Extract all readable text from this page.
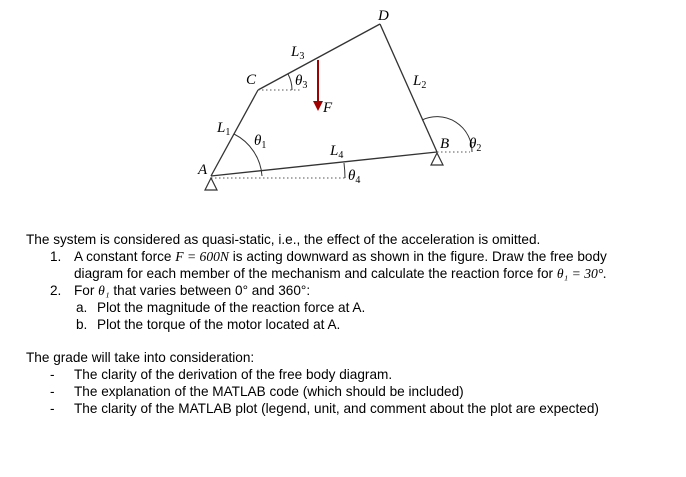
D
$L_3$
$\theta_3$
C	$L_2$
F
$L_1$
$\theta_1$	$L_4$
B $\theta_2$
A	$\theta_4$
The system is considered as quasi-static, i.e., the effect of the acceleration is omitted.
1. A constant force F = 600N is acting downward as shown in the figure. Draw the free body
diagram for each member of the mechanism and calculate the reaction force for θ₁ = 30°.
2. For θ₁ that varies between 0° and 360°:
a. Plot the magnitude of the reaction force at A.
b. Plot the torque of the motor located at A.
The grade will take into consideration:
- The clarity of the derivation of the free body diagram.
- The explanation of the MATLAB code (which should be included)
- The clarity of the MATLAB plot (legend, unit, and comment about the plot are expected)
